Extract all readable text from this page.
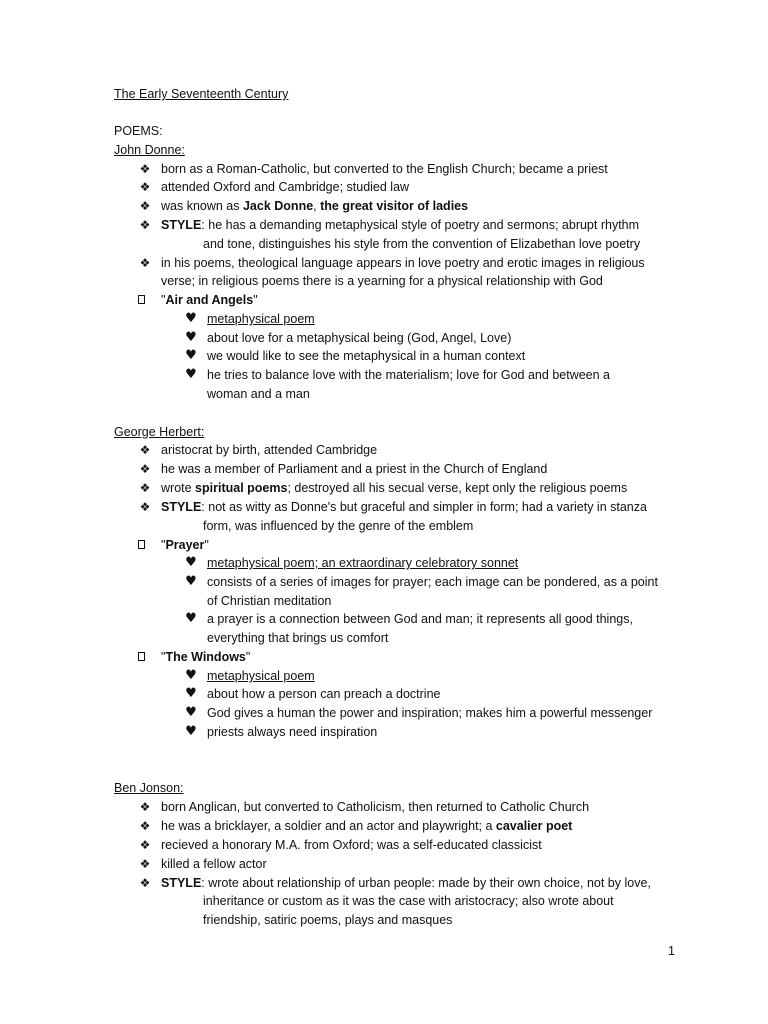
The Early Seventeenth Century
POEMS:
John Donne:
❖ born as a Roman-Catholic, but converted to the English Church; became a priest
❖ attended Oxford and Cambridge; studied law
❖ was known as Jack Donne, the great visitor of ladies
❖ STYLE: he has a demanding metaphysical style of poetry and sermons; abrupt rhythm
and tone, distinguishes his style from the convention of Elizabethan love poetry
❖ in his poems, theological language appears in love poetry and erotic images in religious
verse; in religious poems there is a yearning for a physical relationship with God
"Air and Angels"
♥ metaphysical poem
♥ about love for a metaphysical being (God, Angel, Love)
♥ we would like to see the metaphysical in a human context
♥ he tries to balance love with the materialism; love for God and between a
woman and a man
George Herbert:
❖ aristocrat by birth, attended Cambridge
❖ he was a member of Parliament and a priest in the Church of England
❖ wrote spiritual poems; destroyed all his secual verse, kept only the religious poems
❖ STYLE: not as witty as Donne's but graceful and simpler in form; had a variety in stanza
form, was influenced by the genre of the emblem
"Prayer"
♥ metaphysical poem; an extraordinary celebratory sonnet
♥ consists of a series of images for prayer; each image can be pondered, as a point
of Christian meditation
♥ a prayer is a connection between God and man; it represents all good things,
everything that brings us comfort
"The Windows"
♥ metaphysical poem
♥ about how a person can preach a doctrine
♥ God gives a human the power and inspiration; makes him a powerful messenger
♥ priests always need inspiration
Ben Jonson:
❖ born Anglican, but converted to Catholicism, then returned to Catholic Church
❖ he was a bricklayer, a soldier and an actor and playwright; a cavalier poet
❖ recieved a honorary M.A. from Oxford; was a self-educated classicist
❖ killed a fellow actor
❖ STYLE: wrote about relationship of urban people: made by their own choice, not by love,
inheritance or custom as it was the case with aristocracy; also wrote about
friendship, satiric poems, plays and masques
1
